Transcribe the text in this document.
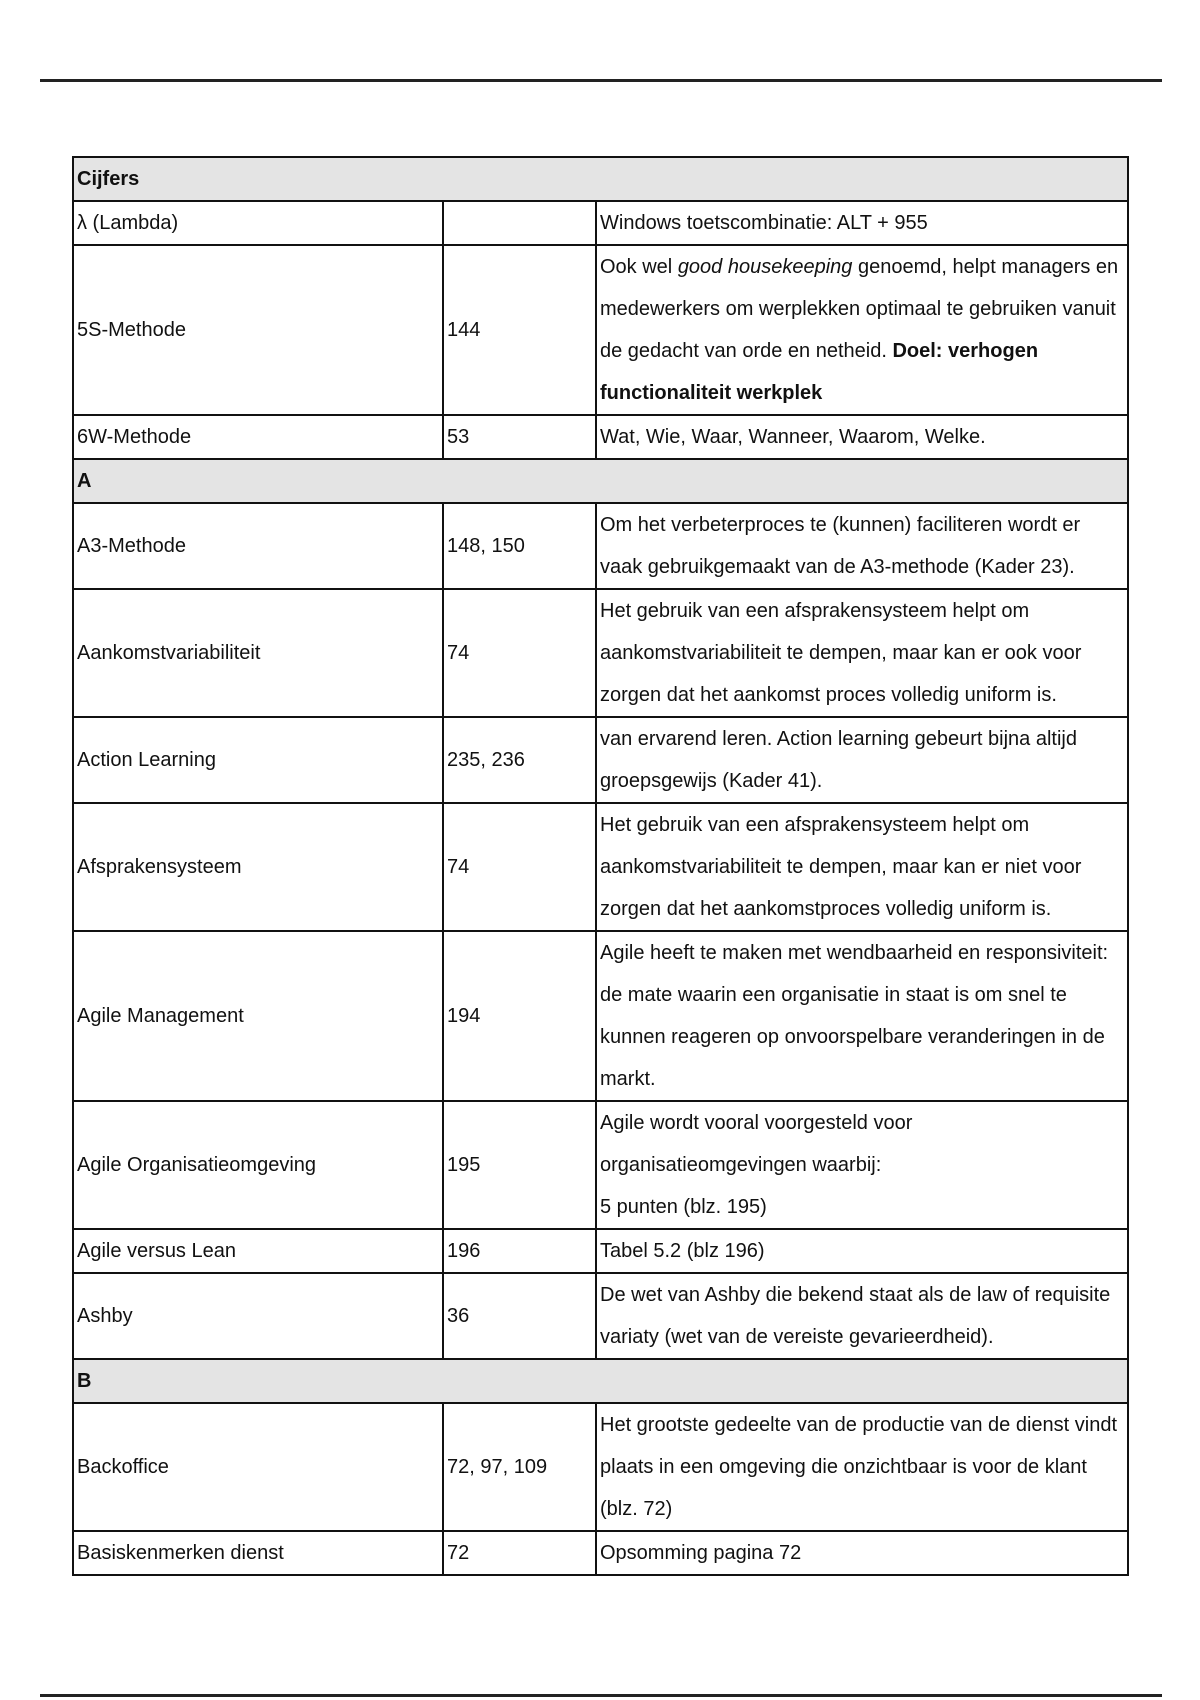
Cijfers		
λ (Lambda)		Windows toetscombinatie: ALT + 955
5S-Methode	144	Ook wel good housekeeping genoemd, helpt managers en medewerkers om werplekken optimaal te gebruiken vanuit de gedacht van orde en netheid. Doel: verhogen functionaliteit werkplek
6W-Methode	53	Wat, Wie, Waar, Wanneer, Waarom, Welke.
A		
A3-Methode	148, 150	Om het verbeterproces te (kunnen) faciliteren wordt er vaak gebruikgemaakt van de A3-methode (Kader 23).
Aankomstvariabiliteit	74	Het gebruik van een afsprakensysteem helpt om aankomstvariabiliteit te dempen, maar kan er ook voor zorgen dat het aankomst proces volledig uniform is.
Action Learning	235, 236	van ervarend leren. Action learning gebeurt bijna altijd groepsgewijs (Kader 41).
Afsprakensysteem	74	Het gebruik van een afsprakensysteem helpt om aankomstvariabiliteit te dempen, maar kan er niet voor zorgen dat het aankomstproces volledig uniform is.
Agile Management	194	Agile heeft te maken met wendbaarheid en responsiviteit: de mate waarin een organisatie in staat is om snel te kunnen reageren op onvoorspelbare veranderingen in de markt.
Agile Organisatieomgeving	195	Agile wordt vooral voorgesteld voor organisatieomgevingen waarbij:
5 punten (blz. 195)
Agile versus Lean	196	Tabel 5.2 (blz 196)
Ashby	36	De wet van Ashby die bekend staat als de law of requisite variaty (wet van de vereiste gevarieerdheid).
B		
Backoffice	72, 97, 109	Het grootste gedeelte van de productie van de dienst vindt plaats in een omgeving die onzichtbaar is voor de klant (blz. 72)
Basiskenmerken dienst	72	Opsomming pagina 72
